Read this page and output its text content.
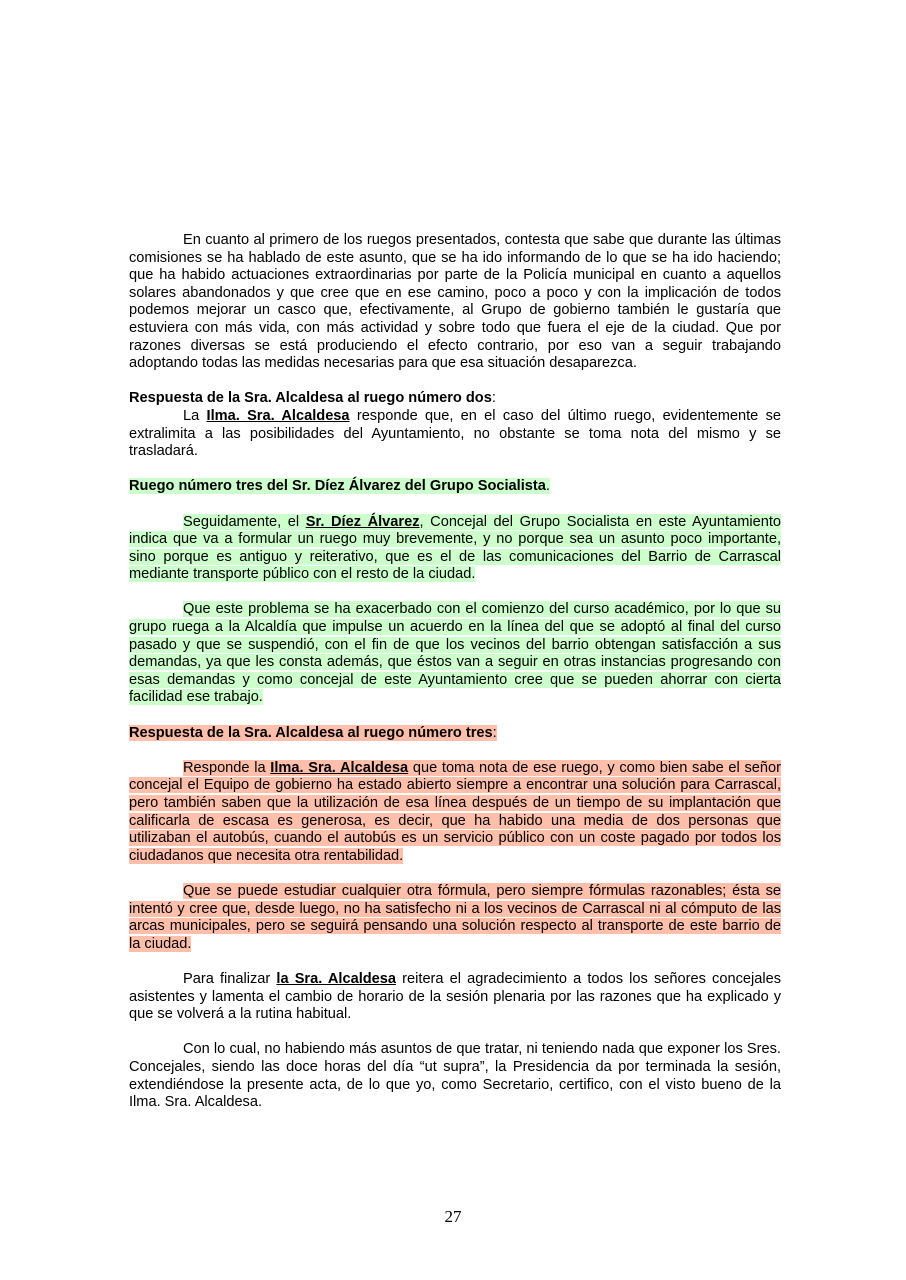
En cuanto al primero de los ruegos presentados, contesta que sabe que durante las últimas comisiones se ha hablado de este asunto, que se ha ido informando de lo que se ha ido haciendo; que ha habido actuaciones extraordinarias por parte de la Policía municipal en cuanto a aquellos solares abandonados y que cree que en ese camino, poco a poco y con la implicación de todos podemos mejorar un casco que, efectivamente, al Grupo de gobierno también le gustaría que estuviera con más vida, con más actividad y sobre todo que fuera el eje de la ciudad. Que por razones diversas se está produciendo el efecto contrario, por eso van a seguir trabajando adoptando todas las medidas necesarias para que esa situación desaparezca.

Respuesta de la Sra. Alcaldesa al ruego número dos:

La Ilma. Sra. Alcaldesa responde que, en el caso del último ruego, evidentemente se extralimita a las posibilidades del Ayuntamiento, no obstante se toma nota del mismo y se trasladará.

Ruego número tres del Sr. Díez Álvarez del Grupo Socialista.

Seguidamente, el Sr. Díez Álvarez, Concejal del Grupo Socialista en este Ayuntamiento indica que va a formular un ruego muy brevemente, y no porque sea un asunto poco importante, sino porque es antiguo y reiterativo, que es el de las comunicaciones del Barrio de Carrascal mediante transporte público con el resto de la ciudad.

Que este problema se ha exacerbado con el comienzo del curso académico, por lo que su grupo ruega a la Alcaldía que impulse un acuerdo en la línea del que se adoptó al final del curso pasado y que se suspendió, con el fin de que los vecinos del barrio obtengan satisfacción a sus demandas, ya que les consta además, que éstos van a seguir en otras instancias progresando con esas demandas y como concejal de este Ayuntamiento cree que se pueden ahorrar con cierta facilidad ese trabajo.

Respuesta de la Sra. Alcaldesa al ruego número tres:

Responde la Ilma. Sra. Alcaldesa que toma nota de ese ruego, y como bien sabe el señor concejal el Equipo de gobierno ha estado abierto siempre a encontrar una solución para Carrascal, pero también saben que la utilización de esa línea después de un tiempo de su implantación que calificarla de escasa es generosa, es decir, que ha habido una media de dos personas que utilizaban el autobús, cuando el autobús es un servicio público con un coste pagado por todos los ciudadanos que necesita otra rentabilidad.

Que se puede estudiar cualquier otra fórmula, pero siempre fórmulas razonables; ésta se intentó y cree que, desde luego, no ha satisfecho ni a los vecinos de Carrascal ni al cómputo de las arcas municipales, pero se seguirá pensando una solución respecto al transporte de este barrio de la ciudad.

Para finalizar la Sra. Alcaldesa reitera el agradecimiento a todos los señores concejales asistentes y lamenta el cambio de horario de la sesión plenaria por las razones que ha explicado y que se volverá a la rutina habitual.

Con lo cual, no habiendo más asuntos de que tratar, ni teniendo nada que exponer los Sres. Concejales, siendo las doce horas del día “ut supra”, la Presidencia da por terminada la sesión, extendiéndose la presente acta, de lo que yo, como Secretario, certifico, con el visto bueno de la Ilma. Sra. Alcaldesa.

27
